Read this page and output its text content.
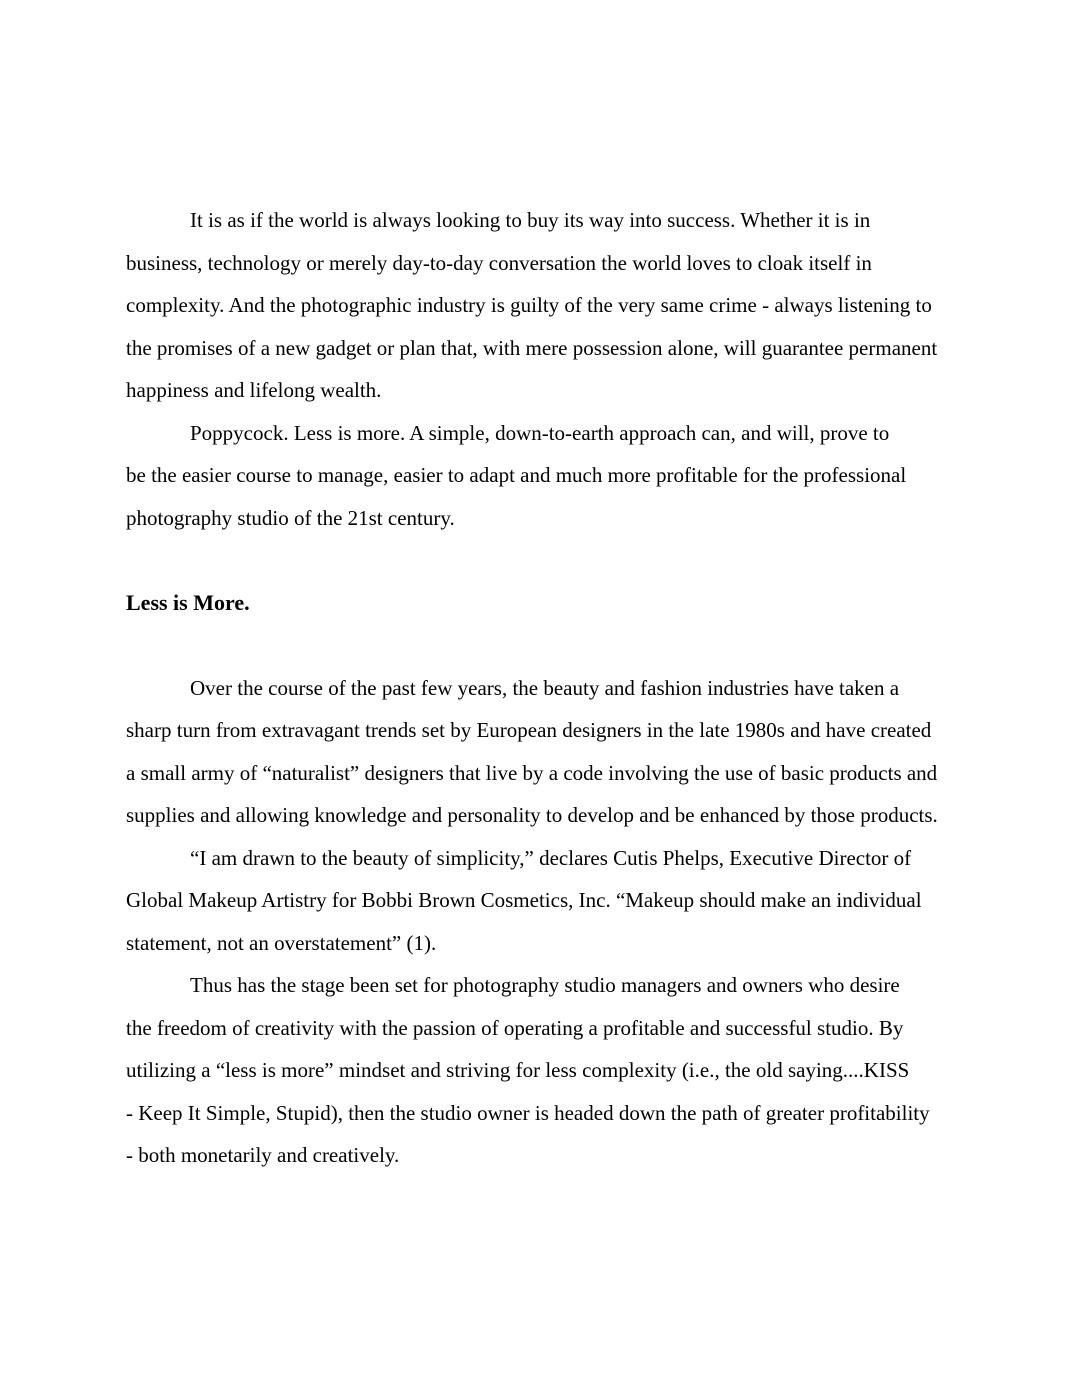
It is as if the world is always looking to buy its way into success. Whether it is in
business, technology or merely day-to-day conversation the world loves to cloak itself in
complexity. And the photographic industry is guilty of the very same crime - always listening to
the promises of a new gadget or plan that, with mere possession alone, will guarantee permanent
happiness and lifelong wealth.
Poppycock. Less is more. A simple, down-to-earth approach can, and will, prove to
be the easier course to manage, easier to adapt and much more profitable for the professional
photography studio of the 21st century.
Less is More.
Over the course of the past few years, the beauty and fashion industries have taken a
sharp turn from extravagant trends set by European designers in the late 1980s and have created
a small army of “naturalist” designers that live by a code involving the use of basic products and
supplies and allowing knowledge and personality to develop and be enhanced by those products.
“I am drawn to the beauty of simplicity,” declares Cutis Phelps, Executive Director of
Global Makeup Artistry for Bobbi Brown Cosmetics, Inc. “Makeup should make an individual
statement, not an overstatement” (1).
Thus has the stage been set for photography studio managers and owners who desire
the freedom of creativity with the passion of operating a profitable and successful studio. By
utilizing a “less is more” mindset and striving for less complexity (i.e., the old saying....KISS
- Keep It Simple, Stupid), then the studio owner is headed down the path of greater profitability
- both monetarily and creatively.
